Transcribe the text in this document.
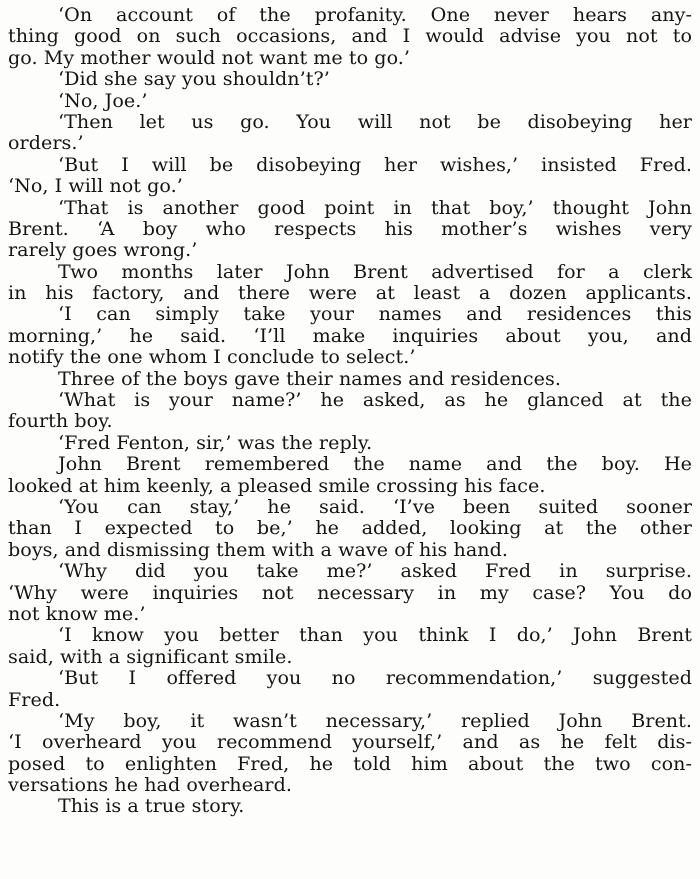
‘On account of the profanity. One never hears any-
thing good on such occasions, and I would advise you not to
go. My mother would not want me to go.’
‘Did she say you shouldn’t?’
‘No, Joe.’
‘Then let us go. You will not be disobeying her
orders.’
‘But I will be disobeying her wishes,’ insisted Fred.
‘No, I will not go.’
‘That is another good point in that boy,’ thought John
Brent. ‘A boy who respects his mother’s wishes very
rarely goes wrong.’
Two months later John Brent advertised for a clerk
in his factory, and there were at least a dozen applicants.
‘I can simply take your names and residences this
morning,’ he said. ‘I’ll make inquiries about you, and
notify the one whom I conclude to select.’
Three of the boys gave their names and residences.
‘What is your name?’ he asked, as he glanced at the
fourth boy.
‘Fred Fenton, sir,’ was the reply.
John Brent remembered the name and the boy. He
looked at him keenly, a pleased smile crossing his face.
‘You can stay,’ he said. ‘I’ve been suited sooner
than I expected to be,’ he added, looking at the other
boys, and dismissing them with a wave of his hand.
‘Why did you take me?’ asked Fred in surprise.
‘Why were inquiries not necessary in my case? You do
not know me.’
‘I know you better than you think I do,’ John Brent
said, with a significant smile.
‘But I offered you no recommendation,’ suggested
Fred.
‘My boy, it wasn’t necessary,’ replied John Brent.
‘I overheard you recommend yourself,’ and as he felt dis-
posed to enlighten Fred, he told him about the two con-
versations he had overheard.
This is a true story.
